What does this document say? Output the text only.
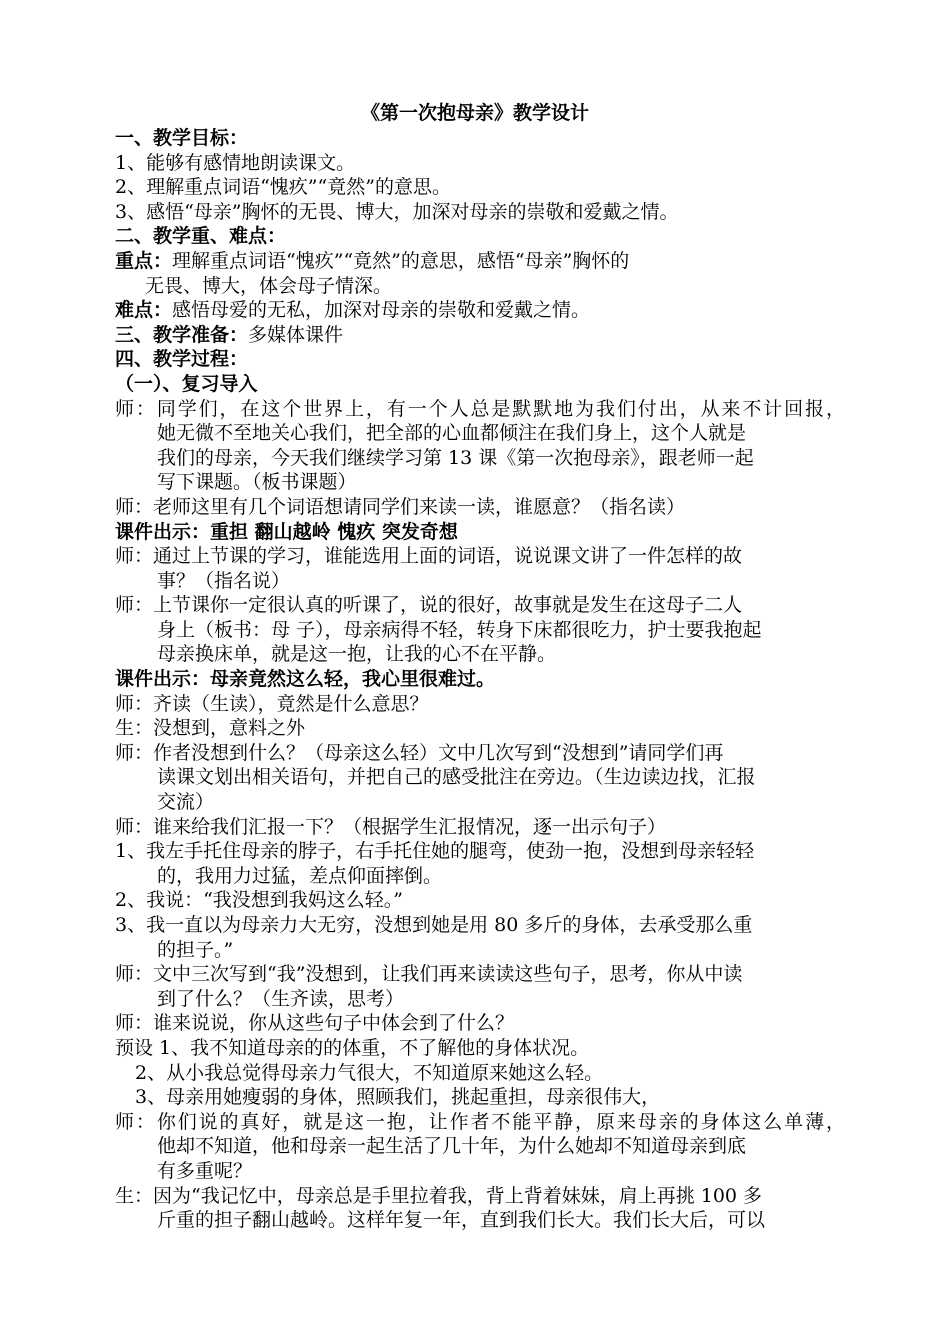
《第一次抱母亲》教学设计
一、教学目标：
1、能够有感情地朗读课文。
2、理解重点词语“愧疚”“竟然”的意思。
3、感悟“母亲”胸怀的无畏、博大，加深对母亲的崇敬和爱戴之情。
二、教学重、难点：
重点：理解重点词语“愧疚”“竟然”的意思，感悟“母亲”胸怀的
无畏、博大，体会母子情深。
难点：感悟母爱的无私，加深对母亲的崇敬和爱戴之情。
三、教学准备：多媒体课件
四、教学过程：
（一）、复习导入
师：同学们，在这个世界上，有一个人总是默默地为我们付出，从来不计回报，
她无微不至地关心我们，把全部的心血都倾注在我们身上，这个人就是
我们的母亲，今天我们继续学习第 13 课《第一次抱母亲》，跟老师一起
写下课题。（板书课题）
师：老师这里有几个词语想请同学们来读一读，谁愿意？（指名读）
课件出示：重担 翻山越岭 愧疚 突发奇想
师：通过上节课的学习，谁能选用上面的词语，说说课文讲了一件怎样的故
事？（指名说）
师：上节课你一定很认真的听课了，说的很好，故事就是发生在这母子二人
身上（板书：母 子），母亲病得不轻，转身下床都很吃力，护士要我抱起
母亲换床单，就是这一抱，让我的心不在平静。
课件出示：母亲竟然这么轻，我心里很难过。
师：齐读（生读），竟然是什么意思？
生：没想到，意料之外
师：作者没想到什么？（母亲这么轻）文中几次写到“没想到”请同学们再
读课文划出相关语句，并把自己的感受批注在旁边。（生边读边找，汇报
交流）
师：谁来给我们汇报一下？（根据学生汇报情况，逐一出示句子）
1、我左手托住母亲的脖子，右手托住她的腿弯，使劲一抱，没想到母亲轻轻
的，我用力过猛，差点仰面摔倒。
2、我说：“我没想到我妈这么轻。”
3、我一直以为母亲力大无穷，没想到她是用 80 多斤的身体，去承受那么重
的担子。”
师：文中三次写到“我”没想到，让我们再来读读这些句子，思考，你从中读
到了什么？（生齐读，思考）
师：谁来说说，你从这些句子中体会到了什么？
预设 1、我不知道母亲的的体重，不了解他的身体状况。
2、从小我总觉得母亲力气很大，不知道原来她这么轻。
3、母亲用她瘦弱的身体，照顾我们，挑起重担，母亲很伟大，
师：你们说的真好，就是这一抱，让作者不能平静，原来母亲的身体这么单薄，
他却不知道，他和母亲一起生活了几十年，为什么她却不知道母亲到底
有多重呢？
生：因为“我记忆中，母亲总是手里拉着我，背上背着妹妹，肩上再挑 100 多
斤重的担子翻山越岭。这样年复一年，直到我们长大。我们长大后，可以
